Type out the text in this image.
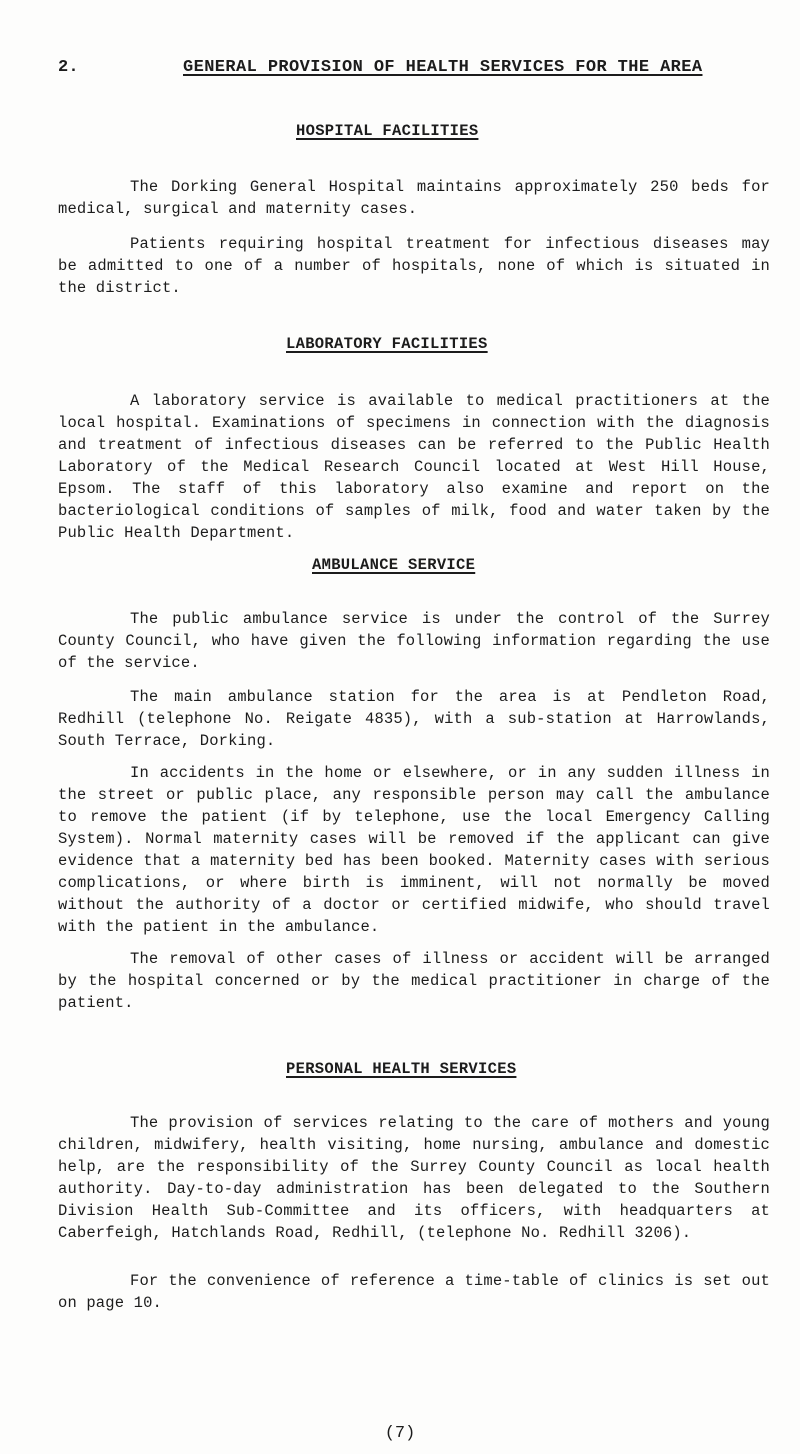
2.	GENERAL PROVISION OF HEALTH SERVICES FOR THE AREA
HOSPITAL FACILITIES

The Dorking General Hospital maintains approximately 250 beds for medical, surgical and maternity cases.

Patients requiring hospital treatment for infectious diseases may be admitted to one of a number of hospitals, none of which is situated in the district.

LABORATORY FACILITIES

A laboratory service is available to medical practitioners at the local hospital. Examinations of specimens in connection with the diagnosis and treatment of infectious diseases can be referred to the Public Health Laboratory of the Medical Research Council located at West Hill House, Epsom. The staff of this laboratory also examine and report on the bacteriological conditions of samples of milk, food and water taken by the Public Health Department.

AMBULANCE SERVICE

The public ambulance service is under the control of the Surrey County Council, who have given the following information regarding the use of the service.

The main ambulance station for the area is at Pendleton Road, Redhill (telephone No. Reigate 4835), with a sub-station at Harrowlands, South Terrace, Dorking.

In accidents in the home or elsewhere, or in any sudden illness in the street or public place, any responsible person may call the ambulance to remove the patient (if by telephone, use the local Emergency Calling System). Normal maternity cases will be removed if the applicant can give evidence that a maternity bed has been booked. Maternity cases with serious complications, or where birth is imminent, will not normally be moved without the authority of a doctor or certified midwife, who should travel with the patient in the ambulance.

The removal of other cases of illness or accident will be arranged by the hospital concerned or by the medical practitioner in charge of the patient.

PERSONAL HEALTH SERVICES

The provision of services relating to the care of mothers and young children, midwifery, health visiting, home nursing, ambulance and domestic help, are the responsibility of the Surrey County Council as local health authority. Day-to-day administration has been delegated to the Southern Division Health Sub-Committee and its officers, with headquarters at Caberfeigh, Hatchlands Road, Redhill, (telephone No. Redhill 3206).

For the convenience of reference a time-table of clinics is set out on page 10.

(7)
